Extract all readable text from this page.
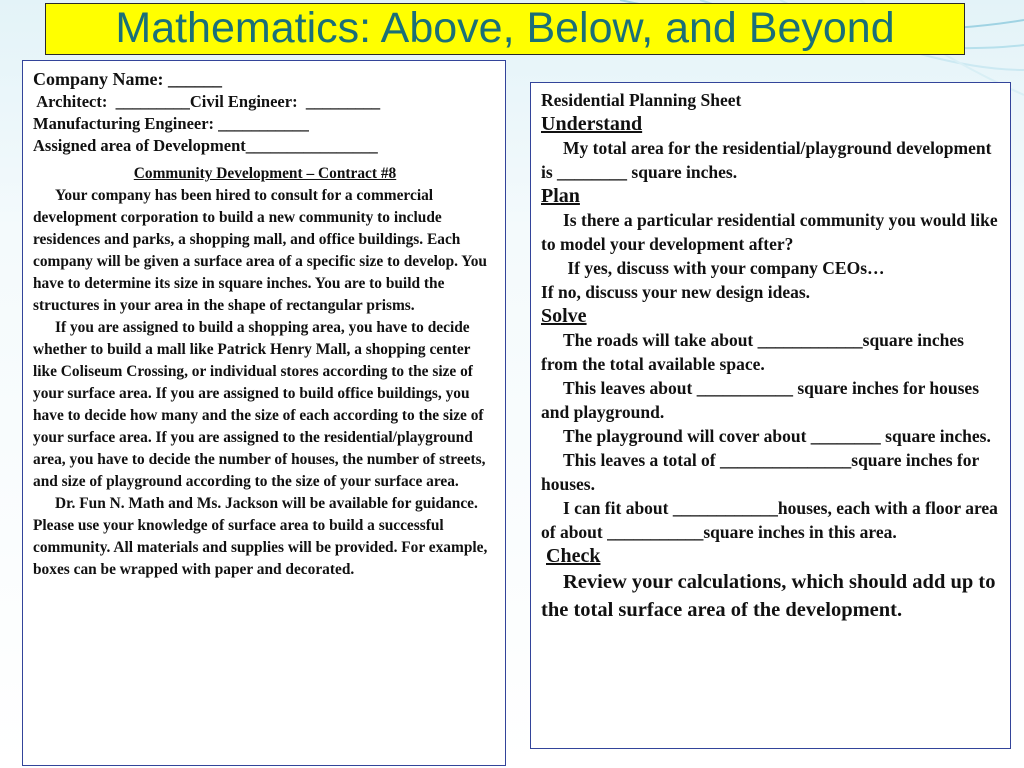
Mathematics: Above, Below, and Beyond

Company Name: ______

Architect:  _________Civil Engineer:  _________

Manufacturing Engineer: ___________

Assigned area of Development________________

Community Development – Contract #8

Your company has been hired to consult for a commercial development corporation to build a new community to include residences and parks, a shopping mall, and office buildings. Each company will be given a surface area of a specific size to develop. You have to determine its size in square inches. You are to build the structures in your area in the shape of rectangular prisms.

If you are assigned to build a shopping area, you have to decide whether to build a mall like Patrick Henry Mall, a shopping center like Coliseum Crossing, or individual stores according to the size of your surface area. If you are assigned to build office buildings, you have to decide how many and the size of each according to the size of your surface area. If you are assigned to the residential/playground area, you have to decide the number of houses, the number of streets, and size of playground according to the size of your surface area.

Dr. Fun N. Math and Ms. Jackson will be available for guidance. Please use your knowledge of surface area to build a successful community. All materials and supplies will be provided. For example, boxes can be wrapped with paper and decorated.

Residential Planning Sheet

Understand

My total area for the residential/playground development is ________ square inches.

Plan

Is there a particular residential community you would like to model your development after?

If yes, discuss with your company CEOs…

If no, discuss your new design ideas.

Solve

The roads will take about ____________square inches from the total available space.

This leaves about ___________ square inches for houses and playground.

The playground will cover about ________ square inches.

This leaves a total of _______________square inches for houses.

I can fit about ____________houses, each with a floor area of about ___________square inches in this area.

Check

Review your calculations, which should add up to the total surface area of the development.
